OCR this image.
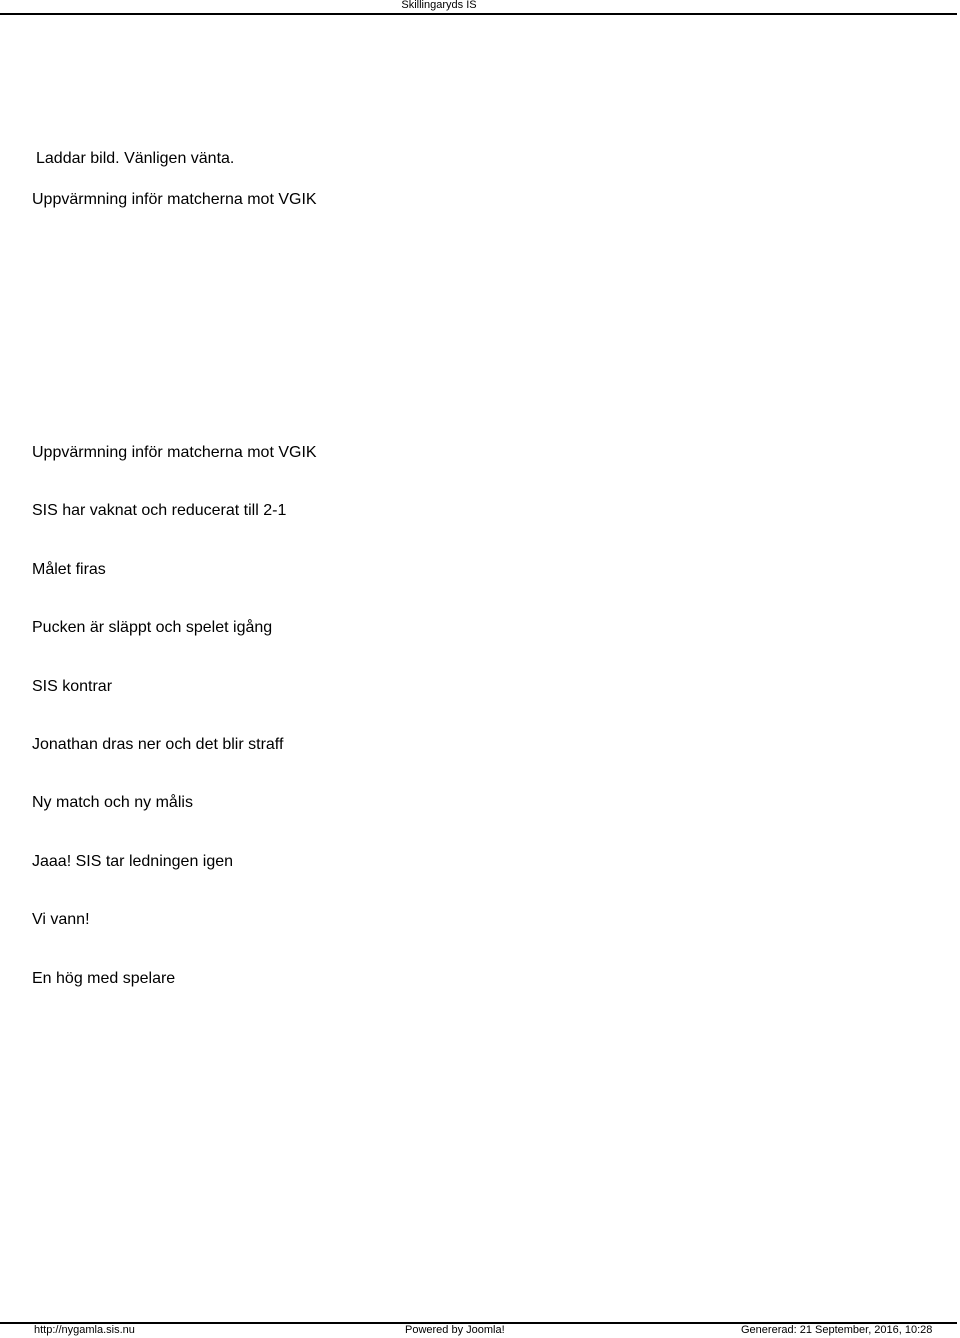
Skillingaryds IS
Laddar bild. Vänligen vänta.
Uppvärmning inför matcherna mot VGIK
Uppvärmning inför matcherna mot VGIK
SIS har vaknat och reducerat till 2-1
Målet firas
Pucken är släppt och spelet igång
SIS kontrar
Jonathan dras ner och det blir straff
Ny match och ny målis
Jaaa! SIS tar ledningen igen
Vi vann!
En hög med spelare
http://nygamla.sis.nu	Powered by Joomla!	Genererad: 21 September, 2016, 10:28
